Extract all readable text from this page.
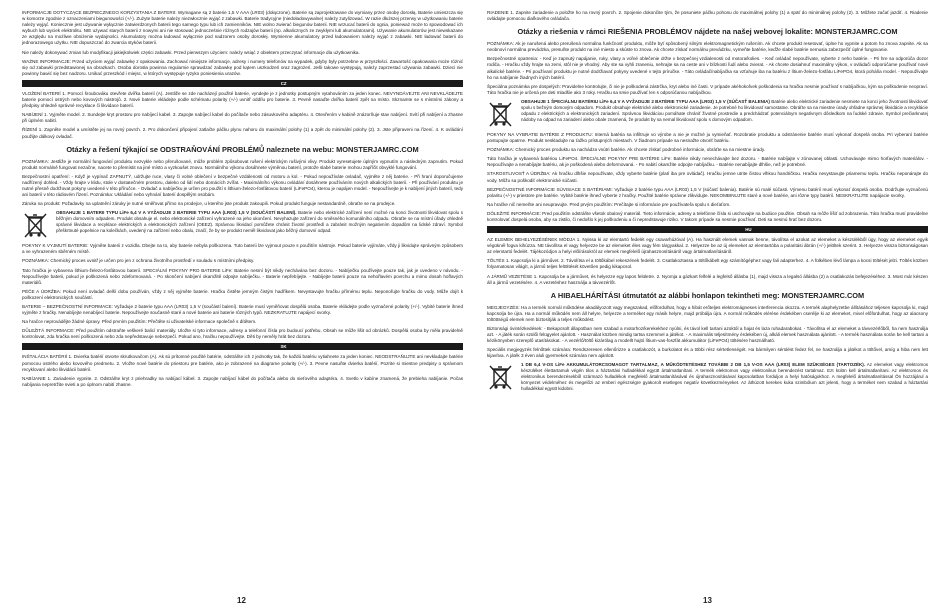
INFORMACJE DOTYCZĄCE BEZPIECZNEGO KORZYSTANIA Z BATERII: Wymagane są 2 baterie 1,5 V AAA (LR03) (dołączone). Baterie są zaprojektowane do wymiany przez osobę dorosłą. Baterie umieszcza się w komorze zgodnie z oznaczeniami biegunowości (+/-). Zużyte baterie należy niezwłocznie wyjąć z zabawki. Baterie tradycyjne (niedoładowywalne) należy zutylizować. W razie dłuższej przerwy w użytkowaniu baterie należy wyjąć. Koniecznie jest używanie wyłącznie zatwierdzonych baterii tego samego typu lub ich zamienników. NIE wolno zwierać biegunów baterii. NIE wrzucać baterii do ognia, ponieważ może to spowodować ich wybuch lub wyciek elektrolitu. NIE używać starych baterii z nowymi ani nie stosować jednocześnie różnych rodzajów baterii (np. alkalicznych ze zwykłymi lub akumulatorami). Używanie akumulatorów jest niewskazane ze względu na możliwe obniżenie wydajności. Akumulatory można ładować wyłącznie pod nadzorem osoby dorosłej. Wymienne akumulatory przed ładowaniem należy wyjąć z zabawki. NIE ładować baterii do jednorazowego użytku. NIE dopuszczać do zwarcia styków baterii.

Nie należy dokonywać zmian lub modyfikacji jakiejkolwiek części zabawki. Przed pierwszym użyciem: należy wsiąć z obiektem przeczytać informacje dla użytkownika.

WAŻNE INFORMACJE: Przed użyciem wyjąć zabawkę z opakowania. Zachować niniejsze informacje, adresy i numery telefonów na wypadek, gdyby były potrzebne w przyszłości. Zawartość opakowania może różnić się od zabawki przedstawionej na obrazkach. Osoba dorosła powinna regularnie sprawdzać zabawkę pod kątem uszkodzeń oraz zagrożeń. Jeśli takowe występują, należy zaprzestać używania zabawki. Dzieci nie powinny bawić się bez nadzoru. Unikać przeszkód i miejsc, w których występuje ryzyko poniesienia urazów.

CZ

VLOŽENÍ BATERIÍ 1. Pomocí šroubováku otevřete dvířka baterií (A). Jestliže se zde nacházejí použité baterie, vyndejte je z jednotky postupným vytahováním za jeden konec. NEVYNDÁVEJTE ANI NEVKLÁDEJTE baterie pomocí ostrých nebo kovových nástrojů. 2. Nové baterie vkládejte podle schématu polarity (+/-) uvnitř oddílu pro baterie. 3. Pevně nasaďte dvířka baterií zpět na místo. Skznamte se s místními zákony a předpisy ohledně správné recyklace či likvidace baterií.

NABÍJENÍ 1. Vyjměte model. 2. Sundejte kryt prostoru pro nabíjecí kabel. 3. Zapojte nabíjecí kabel do počítače nebo zásuvkového adaptéru. 4. Otevřením v kabině znázorňuje stav nabíjení. Svítí při nabíjení a zhasne při úplném nabití.

ŘÍZENÍ 1. Zapněte model a umístěte jej na rovný povrch. 2. Pro dokončení připojení zatlačte páčku plynu nahoru do maximální polohy (1) a zpět do minimální polohy (2). 3. Jste připraveni na řízení. 4. K ovládání použijte dálkový ovladač.

Otázky a řešení týkající se ODSTRAŇOVÁNÍ PROBLÉMŮ naleznete na webu: MONSTERJAMRC.COM

POZNÁMKA: Jestliže je normální fungování produktu nezvykle nebo přerušované, může problém způsobovat rušení elektrickým rušivými vlivy. Produkt vyresetujete úplným vypnutím a následným zapnutím. Pokud produkt normálně fungovat nezačne, nacete to přemístit na jiné místo a vyzkoušet znovu. Normálního výkonu dosáhnete výměnou baterií, protože slabé baterie mohou zapříčit obvyklé fungování.

Bezpečnostní opatření: - Když je vypínač ZAPNUTÝ, udržujte ruce, vlasy či volné oblečení v bezpečné vzdálenosti od motoru a kol. - Pokud nepoužíváte ovladač, vyjměte z něj baterie. - Při hraní doporučujeme nadřízený dohled. - Vždy hrajte v klidu, stole v dostatečném prostoru, daleko od lidí nebo domácích zvířat. - Maximálního výkonu ovládání dosáhnete používáním nových alkalických baterií. - Při používání produktu je nutné přesně dodržovat pokyny uvedené v této příručce. - Ovladač a nabíječku je určen pro použití s lithium-železo-fosfátovou baterií (LiFePO4), kterou je napájen model. - Nepoužívejte je k nabíjení jiných baterií, tedy ani baterií v této rádiovém řízení. Poznámka: Ukládání nebo vyhnání baterií dospělým osobám.

Záruka na produkt: Požadavky na uplatnění záruky je nutné směřovat přímo na prodejce, u kterého jste produkt zakoupili. Pokud produkt funguje nestandardně, obraťte se na prodejce.

OBSAHUJE 1 BATERII TYPU LiFe 6,4 V A VYŽADUJE 2 BATERIE TYPU AAA (LR03) 1,5 V (SOUČÁSTÍ BALENÍ). Baterie nebo elektrické zařízení není možné na konci životnosti likvidovat spolu s běžným domovním odpadem. Produkt obsahuje el. nebo elektronické zařízení vyhrazené na jeho ukončení. Nevyhazujte zařízení do směsného komunálního odpadu. Obraťte se na místní úřady ohledně správné likvidace a recyklace elektrických a elektronických zařízení (OEEZ). Správnou likvidací pomůžete chránit životní prostředí a zabránit možným negativním dopadům na lidské zdraví. Symbol přeškrtnuté popelnice na kolečkách, uvedený na zařízení nebo obalu, značí, že by se produkt neměl likvidovat jako běžný domovní odpad.

POKYNY K VYJMUTÍ BATERIE: Vyjměte baterii z vozidla. Dbejte na to, aby baterie nebyla poškozena. Tuto baterii lze vyjmout pouze s použitím nástroje. Pokud baterie vyjímáte, vždy ji likvidujte správným způsobem a ve vyhrazeném sběrném místě.

POZNÁMKA: Chemický proces uvnitř je určen pro jen z ochrana životního prostředí v souladu s místními předpisy.

Tato hračka je vybavena lithium-železo-fosfátovou baterií. SPECIÁLNÍ POKYNY PRO BATERIE LiFe: Baterie nesmí být nikdy nechávána bez dozoru. - Nabíječku používejte pouze tak, jak je uvedeno v návodu. - Nepoužívejte baterii, pokud je poškozená nebo zdeformovaná. - Po skončení nabíjení okamžitě odpojte nabíječku. - Baterie nepřebíjejte. - Nabíjejte baterii pouze na nehořlavém povrchu a mimo dosah hořlavých materiálů.

PÉČE A ÚDRŽBA: Pokud není ovladač delší dobu používán, vždy z něj vyjměte baterie. Hračku čistěte jemným čistým hadříkem. Nevystavujte hračku přímému teplu. Neponořujte hračku do vody. Může dojít k poškození elektronických součástí.

BATERIE – BEZPEČNOSTNÍ INFORMACE: Vyžaduje 2 baterie typu AAA (LR03) 1,5 V (součástí balení). Baterie musí vyměňovat dospělá osoba. Baterie vkládejte podle vyznačené polarity (+/-). Vybité baterie ihned vyjměte z hračky. Nenabíjejte nenabíjecí baterie. Nepoužívejte současně staré a nové baterie ani baterie různých typů. NEZKRATUJTE napájecí svorky.

Na hračce neprovádějte žádné úpravy. Před prvním použitím: Přečtěte si uživatelské informace společně s dítětem.

DŮLEŽITÁ INFORMACE: Před použitím odstraňte veškeré balicí materiály. Uložte si tyto informace, adresy a telefonní čísla pro budoucí potřebu. Obsah se může lišit od obrázků. Dospělá osoba by měla pravidelně kontrolovat, zda hračka není poškozená nebo zda nepředstavuje nebezpečí. Pokud ano, hračku nepoužívejte. Děti by neměly hrát bez dozoru.

SK

INŠTALÁCIA BATÉRIÍ 1. Dvierka batérií otvorte skrutkovačom (A). Ak sú prítomné použité batérie, odstráňte ich z jednotky tak, že každú batériu vytiahnete za jeden koniec. NEODSTRAŇUJTE ani nevkladajte batérie pomocou ostrého alebo kovového predmetu. 2. Vložte nové batérie do priestoru pre batérie, ako je zobrazené na diagrame polarity (+/-). 3. Pevne nasuňte dvierka batérií. Pozrite si miestne predpisy o správnom recyklovaní alebo likvidácii batérií.

NABÍJANIE 1. Zariadenie vypnite. 2. Odstráňte kryt z priehradky na nabíjací kábel. 3. Zapojte nabíjací kábel do počítača alebo do sieťového adaptéra. 4. Svetlo v kabíne znamená, že prebieha nabíjanie. Počas nabíjania nepretržite svieti a po úplnom nabití zhasne.

12

RIADENIE 1. Zapnite zariadenie a položte ho na rovný povrch. 2. Spojenie dokončite tým, že posuniete páčku pohonu do maximálnej polohy (1) a späť do minimálnej polohy (2). 3. Môžete začať jazdiť. 4. Riadenie ovládajte pomocou diaľkového ovládača.

Otázky a riešenia v rámci RIEŠENIA PROBLÉMOV nájdete na našej webovej lokalite: MONSTERJAMRC.COM

POZNÁMKA: Ak je narušená alebo prerušená normálna funkčnosť produktu, môže byť spôsobený silným elektromagnetickým rušením. Ak chcete produkt resetovať, úplne ho vypnite a potom ho znova zapnite. Ak sa neobnoví normálna prevádzka, presuňte produkt na iné miesto a skúste to znova. Ak chcete získať normálnu prevádzku, vymeňte batérie, keďže slabé batérie nemusia zabezpečiť úplné fungovanie.

Bezpečnostné opatrenia: - Keď je zapnutý napájanie, ruky, vlasy a voľné oblečenie držte v bezpečnej vzdialenosti od motora/kolies. - Keď ovládač nepoužívate, vyberte z neho batérie. - Pri hre sa odporúča dozor rodiča. - Hračku vždy hrajte na zemi, stôl nie je vhodný. Aby ste sa vyhli zraneniu, nehrajte sa na ceste ani v blízkosti ľudí alebo zvierat. - Ak chcete dosiahnuť maximálny výkon, v ovládači odporúčame používať nové alkalické batérie. - Pri používaní produktu je nutné dodržiavať pokyny uvedené v tejto príručke. - Táto ovládač/nabíjačka sa vzťahuje iba na batériu z lítium-železo-fosfátu LiFePO4, ktorá poháňa model. - Nepoužívajte ho na nabíjanie žiadnych iných batérií.

Špeciálna poznámka pre dospelých: Pravidelne kontrolujte, či nie je poškodená zástrčka, kryt alebo iné časti. V prípade akéhokoľvek poškodenia sa hračka nesmie používať s nabíjačkou, kým sa poškodenie neopraví. Táto hračka nie je určená pre deti mladšie ako 3 roky. Hračku sa smie používať len s odporúčanou nabíjačkou.

OBSAHUJE 1 ŠPECIÁLNU BATÉRIU LiFe 6,4 V A VYŽADUJE 2 BATÉRIE TYPU AAA (LR03) 1,5 V (SÚČASŤ BALENIA) Batérie alebo elektrické zariadenie nesmiete na konci jeho životnosti likvidovať spolu s bežným domovým odpadom. Produkt obsahuje elektrické alebo elektronické zariadenie. Je potrebné ho likvidovať samostatne. Obráťte sa na miestne úrady ohľadne správnej likvidácie a recyklácie odpadu z elektrických a elektronických zariadení. Správnou likvidáciou pomáhate chrániť životné prostredie a predchádzať potenciálnym negatívnym dôsledkom na ľudské zdravie. Symbol prečiarknutej nádoby na odpad na zariadení alebo obale znamená, že produkt by sa nemal likvidovať spolu s domovým odpadom.

POKYNY NA VYBRATIE BATÉRIE Z PRODUKTU: Interná batéria sa infiltruje vo výrobe a nie je možné ju vymieňať. Rozobratie produktu a odstránenie batérie musí vykonať dospelá osoba. Pri vyberaní batérie postupujte opatrne. Produkt neskladujte na ťažko prístupných miestach. V žiadnom prípade sa nesnažte otvoriť batériu.

POZNÁMKA: Chemický proces produktu sa nachádza vnútri batérie. Ak chcete získať podrobné informácie, obráťte sa na miestne úrady.

Táto hračka je vybavená batériou LiFePO4. ŠPECIÁLNE POKYNY PRE BATÉRIE LiFe: Batérie nikdy nenechávajte bez dozoru. - Batérie nabíjajte v zónovanej oblasti. Uchovávajte mimo horľavých materiálov. - Nepoužívajte a nenabíjajte batériu, ak je poškodená alebo deformovaná. - Po nabití okamžite odpojte nabíjačku. - Batérie nenabíjajte dlhšie, než je potrebné.

STAROSTLIVOSŤ A ÚDRŽBA: Ak hračku dlhšie nepoužívate, vždy vyberte batérie (platí iba pre ovládač). Hračku jemne utrite čistou vlhkou handričkou. Hračku nevystavujte priamemu teplu. Hračku neponárajte do vody. Môžu sa poškodiť elektronické súčasti.

BEZPEČNOSTNÉ INFORMÁCIE SÚVISIACE S BATÉRIAMI: Vyžaduje 2 batérie typu AAA (LR03) 1,5 V (súčasť balenia). Batérie sú malé súčasti. Výmenu batérií musí vykonať dospelá osoba. Dodržujte vyznačenú polaritu (+/-) v priestore pre batérie. Vybité batérie ihneď vyberte z hračky. Použité batérie správne zlikvidujte. NEKOMBINUJTE staré a nové batérie, ani rôzne typy batérií. NESKRATUJTE napájacie svorky.

Na hračke nič nemeňte ani neupravujte. Pred prvým použitím: Prečítajte si informácie pre používateľa spolu s dieťaťom.

DÔLEŽITÉ INFORMÁCIE: Pred použitím odstráňte všetok obalový materiál. Tieto informácie, adresy a telefónne čísla si uschovajte na budúce použitie. Obsah sa môže líšiť od zobrazenia. Táto hračka musí pravidelne kontrolovať dospelá osoba, aby sa zistilo, či nedošlo k jej poškodeniu a či nepredstavuje riziko. V takom prípade sa nesmie používať. Deti sa nesmú hrať bez dozoru.

HU

AZ ELEMEK BEHELYEZÉSÉNEK MÓDJA 1. Nyissa ki az elemtartó fedelét egy csavarhúzóval (A). Ha használt elemek vannak benne, távolítsa el azokat az elemeket a készülékből úgy, hogy az elemeket egyik végüknél fogva kihúzza. NE távolítsa el vagy helyezze be az elemeket éles vagy fém tárgyakkal. 2. Helyezze be az új elemeket az elemtartóba a polaritási ábrán (+/-) jelöltek szerint. 3. Helyezze vissza biztonságosan az elemtartó fedelét. Tájékozódjon a helyi előírásokról az elemek megfelelő újrahasznosításáról vagy ártalmatlanításáról.

TÖLTÉS 1. Kapcsolja ki a járművet. 2. Távolítsa el a töltőkábel rekeszének fedelét. 3. Csatlakoztassa a töltőkábelt egy számítógéphez vagy fali adapterhez. 4. A fülkében lévő lámpa a kocsi töltését jelzi. Töltés közben folyamatosan világít, a jármű teljes feltöltését követően pedig kikapcsol.

A JÁRMŰ VEZETÉSE 1. Kapcsolja be a járművet, és helyezze egy lapos felületre. 2. Nyomja a gázkart felfelé a legfelső állásba (1), majd vissza a legalsó állásba (2) a csatlakozás befejezéséhez. 3. Most már készen áll a jármű vezetésére. 4. A vezetéshez használja a távvezérlőt.

A HIBAELHÁRÍTÁSI útmutatót az alábbi honlapon tekintheti meg: MONSTERJAMRC.COM

MEGJEGYZÉS: Ha a termék normál működése akadályozott vagy megszakad, előfordulhat, hogy a hibát erőteljes elektromágneses interferencia okozza. A termék alaphelyzetbe állításához teljesen kapcsolja ki, majd kapcsolja be újra. Ha a normál működés nem áll helyre, helyezze a terméket egy másik helyre, majd próbálja újra. A normál működés elérése érdekében cserélje ki az elemeket, mivel előfordulhat, hogy az alacsony töltöttségű elemek nem biztosítják a teljes működést.

Biztonsági óvintézkedések: - Bekapcsolt állapotban nem szabad a motorhoz/kerekekhez nyúlni, és távol kell tartani azoktól a hajat és laza ruhadarabokat. - Távolítsa el az elemeket a távvezérlőből, ha nem használja azt. - A játék során szülői felügyelet ajánlott. - Használat közben mindig tartsa szemmel a játékot. - A maximális teljesítmény érdekében új, alkáli elemek használata ajánlott. - A termék használata során be kell tartani a kézikönyvben szereplő utasításokat. - A vezérlő/töltő kizárólag a modellt hajtó lítium-vas-foszfát akkumulátor (LiFePO4) töltésére használható.

Speciális megjegyzés felnőttek számára: Rendszeresen ellenőrizze a csatlakozót, a burkolatot és a többi rész sértetlenségét. Ha bármilyen sérülést fedez fel, ne használja a játékot a töltővel, amíg a hiba nem lett kijavítva. A játék 3 éven aluli gyermekek számára nem ajánlott.

1 DB 6,4 V-OS LiFe AKKUMULÁTORCSOMAGOT TARTALMAZ, A MŰKÖDTETÉSHEZ TOVÁBBI 2 DB 1,5 V-OS AAA (LR03) ELEM SZÜKSÉGES (TARTOZÉK). Az elemeket vagy elektromos készüléket élettartamuk végén tilos a háztartási hulladékkal együtt ártalmatlanítani. A termék elektromos vagy elektronikus berendezést tartalmaz. Ezt külön kell ártalmatlanítani. Az elektromos és elektronikus berendezésekből származó hulladékok megfelelő ártalmatlanításával és újrahasznosításával kapcsolatban forduljon a helyi hatóságokhoz. A megfelelő ártalmatlanítással Ön hozzájárul a környezet védelméhez és megelőzi az emberi egészségre gyakorolt esetleges negatív következményeket. Az áthúzott kerekes kuka szimbólum azt jelenti, hogy a terméket nem szabad a háztartási hulladékkal együtt kidobni.
13
